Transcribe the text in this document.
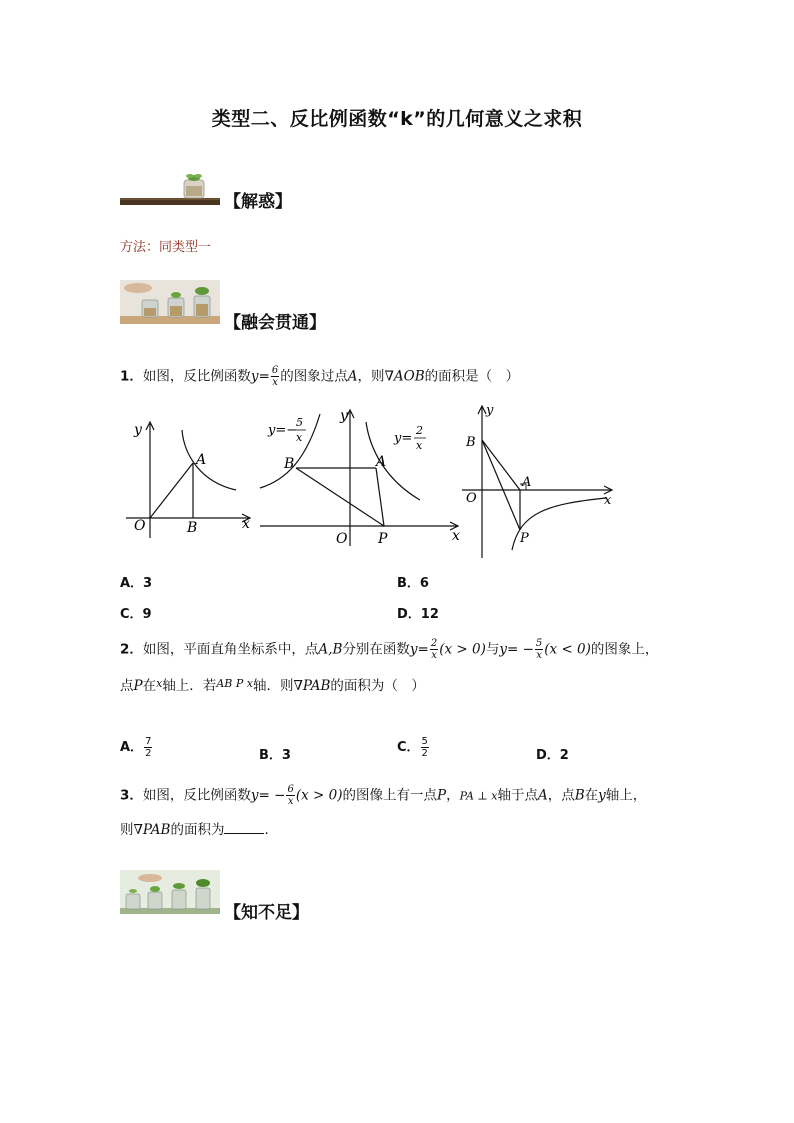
类型二、反比例函数“k”的几何意义之求积
【解惑】
方法：同类型一
【融会贯通】
1．如图，反比例函数$y= \frac{6}{x}$ 的图象过点A，则∇AOB的面积是（　）
y
x
O
A
B
y=−
5
x	y=
2
x
y
x
O
B	A
P
y
x
O
B
A
P
A．3	B．6
C．9	D．12
2．如图，平面直角坐标系中，点A,B分别在函数$y= \frac{2}{x} (x > 0)$与$y= - \frac{5}{x} (x < 0)$的图象上，
点P在$^x$轴上．若$^{AB P x}$轴．则∇PAB的面积为（　）
A． $\frac{7}{2}$	B．3
C． $\frac{5}{2}$	D．2
3．如图，反比例函数$y= - \frac{6}{x} (x > 0)$的图像上有一点P，PA ⊥ x轴于点A，点B在y轴上，
则∇PAB的面积为	．
【知不足】
